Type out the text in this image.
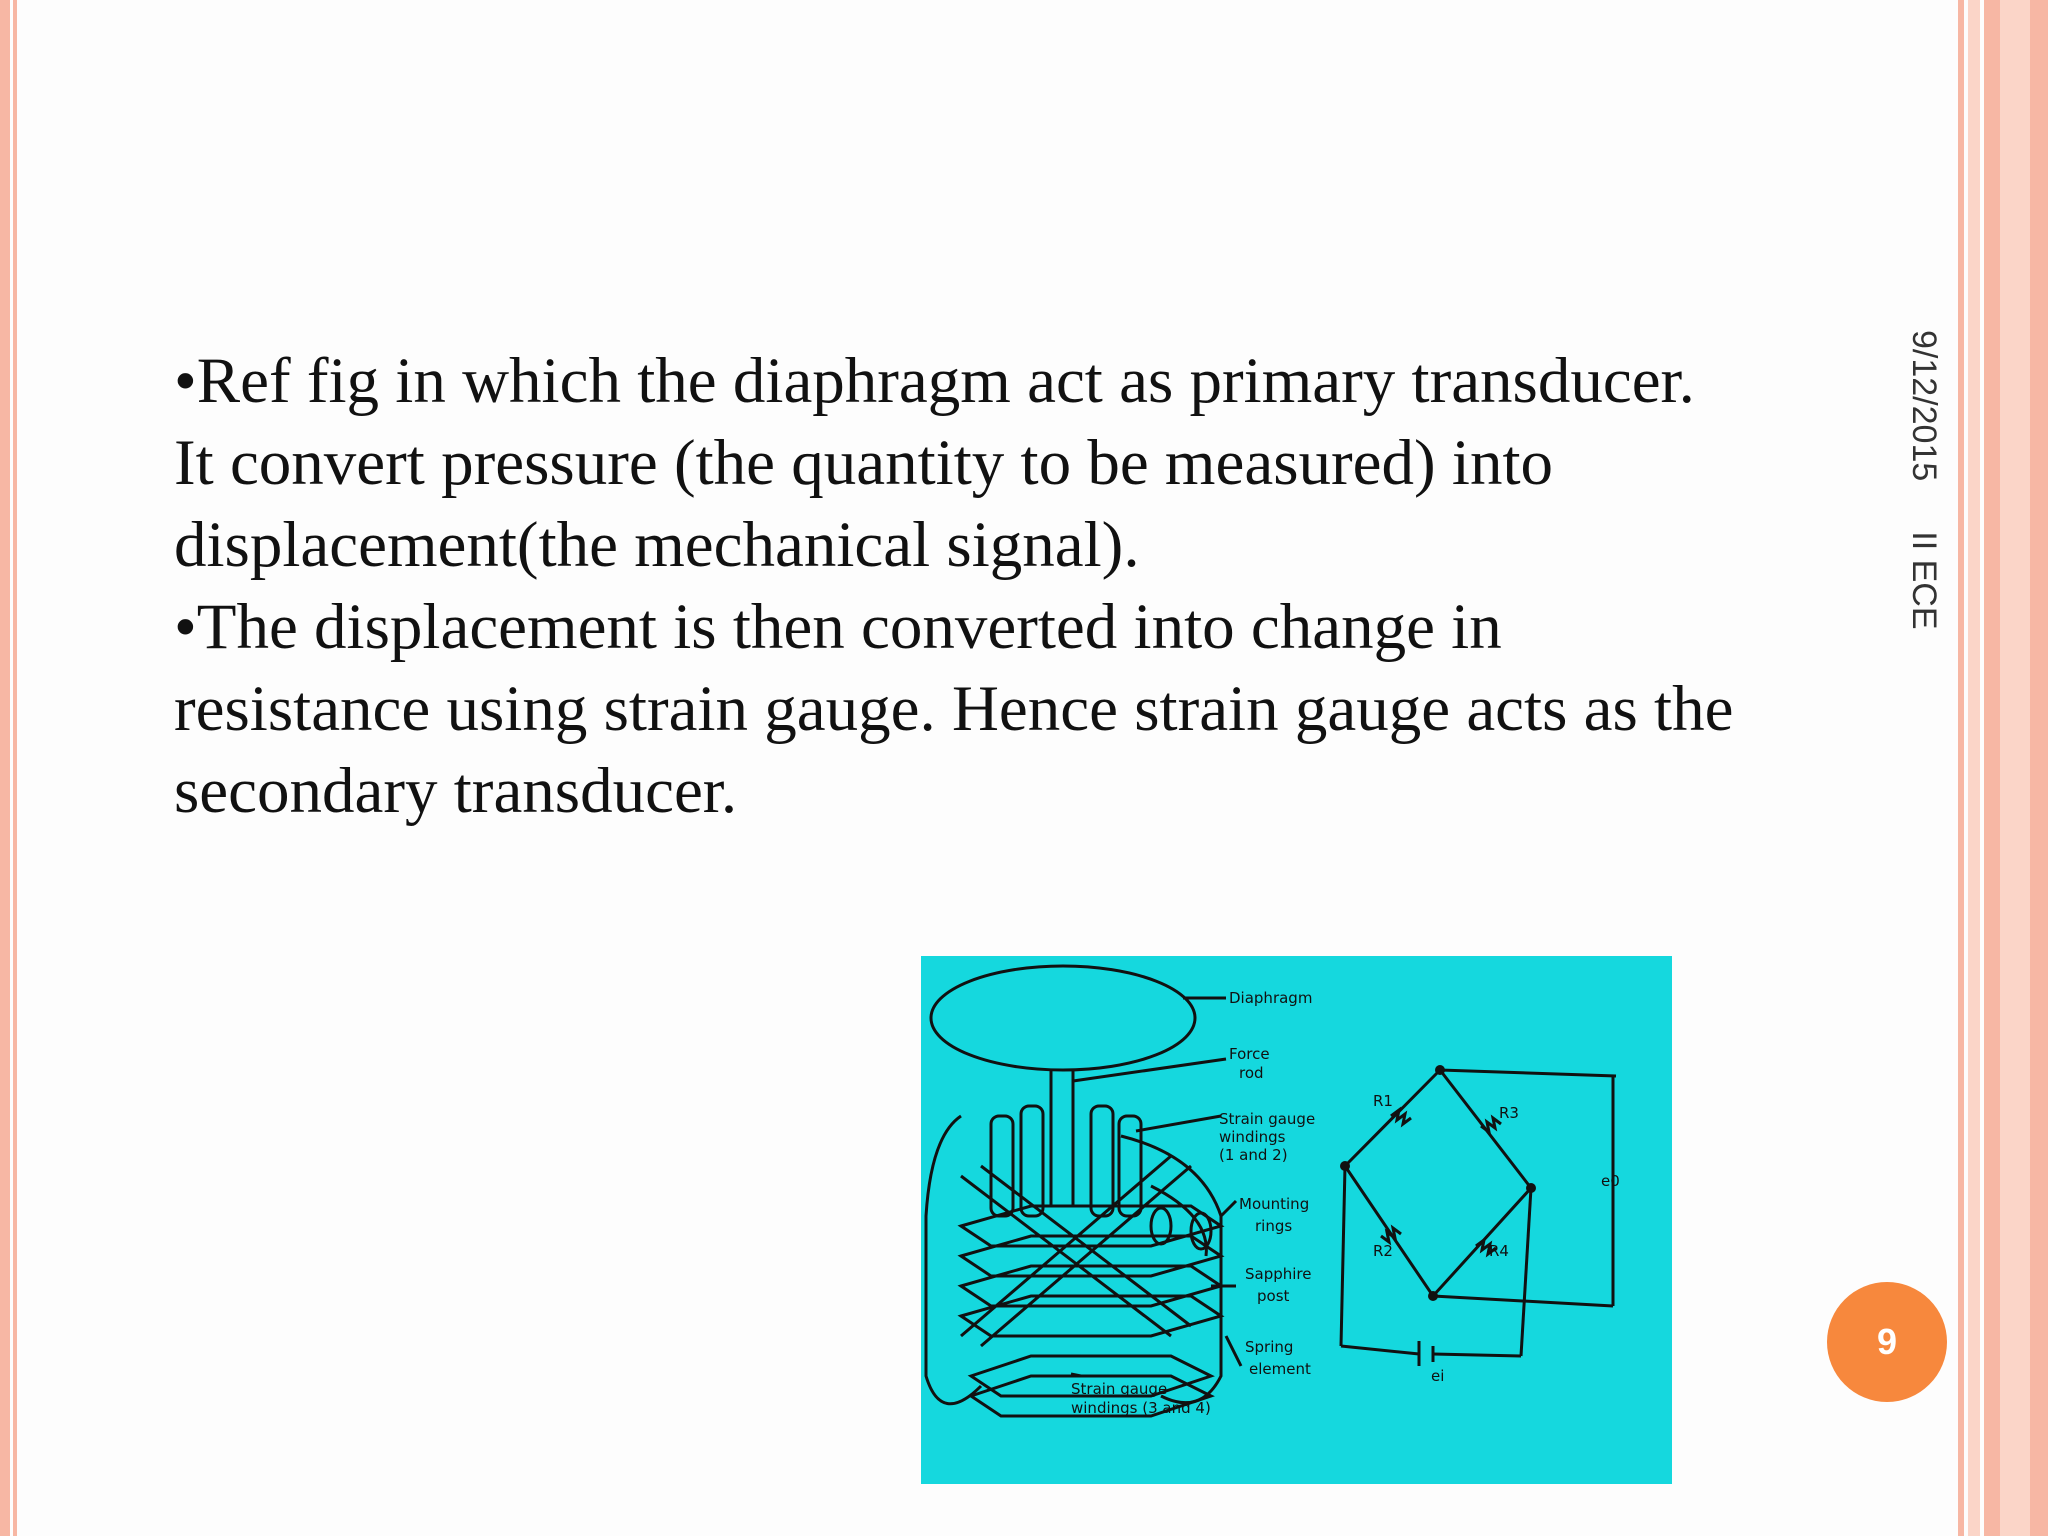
•Ref fig in which the diaphragm act as primary transducer. It convert pressure (the quantity to be measured) into displacement(the mechanical signal).

•The displacement is then converted into change in resistance using strain gauge. Hence strain gauge acts as the secondary transducer.

9/12/2015II ECE
9
Diaphragm
Force
rod
Strain gauge
windings
(1 and 2)
Mounting
rings
Sapphire
post
Spring
element
Strain gauge
windings (3 and 4)
R1
R2
R3
R4
e0
ei
